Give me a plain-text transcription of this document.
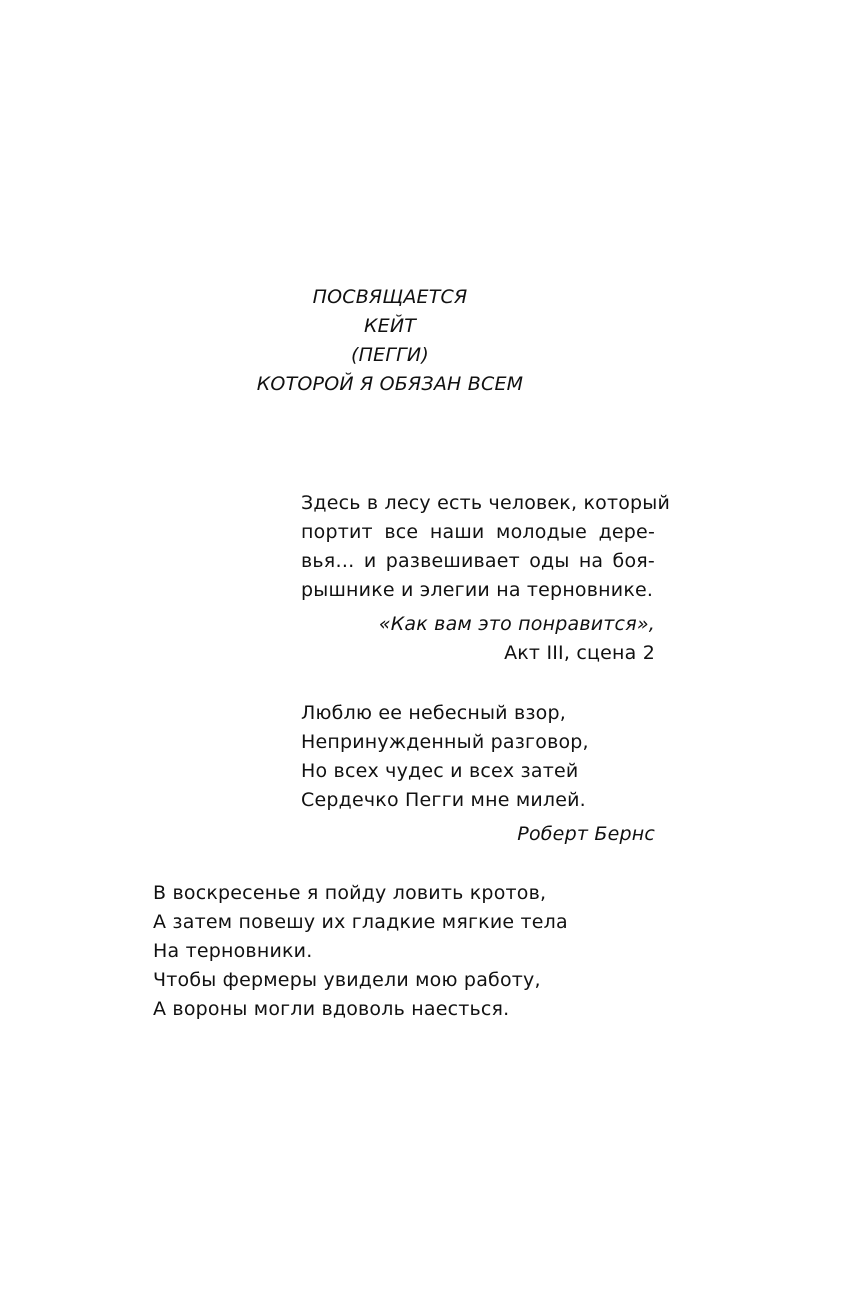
ПОСВЯЩАЕТСЯ
КЕЙТ
(ПЕГГИ)
КОТОРОЙ Я ОБЯЗАН ВСЕМ
Здесь в лесу есть человек, который
портит все наши молодые дере-
вья… и развешивает оды на боя-
рышнике и элегии на терновнике.
«Как вам это понравится»,
Акт III, сцена 2
Люблю ее небесный взор,
Непринужденный разговор,
Но всех чудес и всех затей
Сердечко Пегги мне милей.
Роберт Бернс
В воскресенье я пойду ловить кротов,
А затем повешу их гладкие мягкие тела
На терновники.
Чтобы фермеры увидели мою работу,
А вороны могли вдоволь наесться.
